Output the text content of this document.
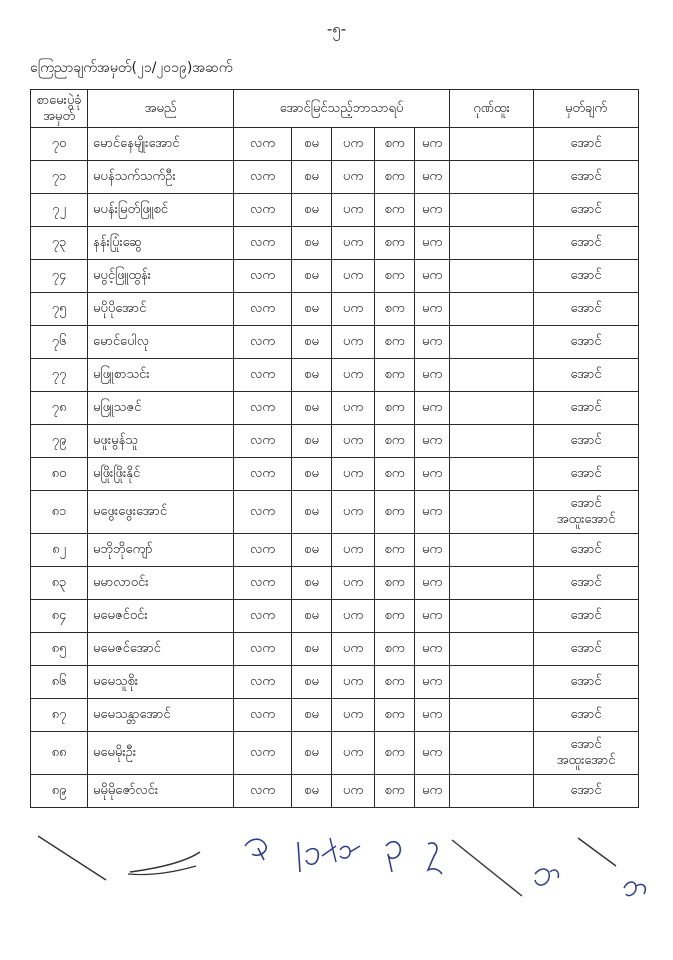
-၅-
ကြေညာချက်အမှတ်(၂၁/၂၀၁၉)အဆက်
စာမေးပွဲခုံအမှတ်	အမည်	အောင်မြင်သည့်ဘာသာရပ်					ဂုဏ်ထူး	မှတ်ချက်
၇၀	မောင်နေမျိုးအောင်	လက	စမ	ပက	စက	မက		အောင်
၇၁	မပန်သက်သက်ဦး	လက	စမ	ပက	စက	မက		အောင်
၇၂	မပန်းမြတ်ဖြူစင်	လက	စမ	ပက	စက	မက		အောင်
၇၃	နန်းပြုံးဆွေ	လက	စမ	ပက	စက	မက		အောင်
၇၄	မပွင့်ဖြူထွန်း	လက	စမ	ပက	စက	မက		အောင်
၇၅	မပိုပိုအောင်	လက	စမ	ပက	စက	မက		အောင်
၇၆	မောင်ပေါလု	လက	စမ	ပက	စက	မက		အောင်
၇၇	မဖြူစာသင်း	လက	စမ	ပက	စက	မက		အောင်
၇၈	မဖြူသဇင်	လက	စမ	ပက	စက	မက		အောင်
၇၉	မဖူးမွန်သူ	လက	စမ	ပက	စက	မက		အောင်
၈၀	မဖြိုးဖြိုးနိုင်	လက	စမ	ပက	စက	မက		အောင်
၈၁	မဖွေးဖွေးအောင်	လက	စမ	ပက	စက	မက		အောင်
အထူးအောင်

၈၂	မဘိုဘိုကျော်	လက	စမ	ပက	စက	မက		အောင်
၈၃	မမာလာဝင်း	လက	စမ	ပက	စက	မက		အောင်
၈၄	မမေဇင်ဝင်း	လက	စမ	ပက	စက	မက		အောင်
၈၅	မမေဇင်အောင်	လက	စမ	ပက	စက	မက		အောင်
၈၆	မမေသူစိုး	လက	စမ	ပက	စက	မက		အောင်
၈၇	မမေသန္တာအောင်	လက	စမ	ပက	စက	မက		အောင်
၈၈	မမေမိုးဦး	လက	စမ	ပက	စက	မက		အောင်
အထူးအောင်

၈၉	မမိုမိုဇော်လင်း	လက	စမ	ပက	စက	မက		အောင်
